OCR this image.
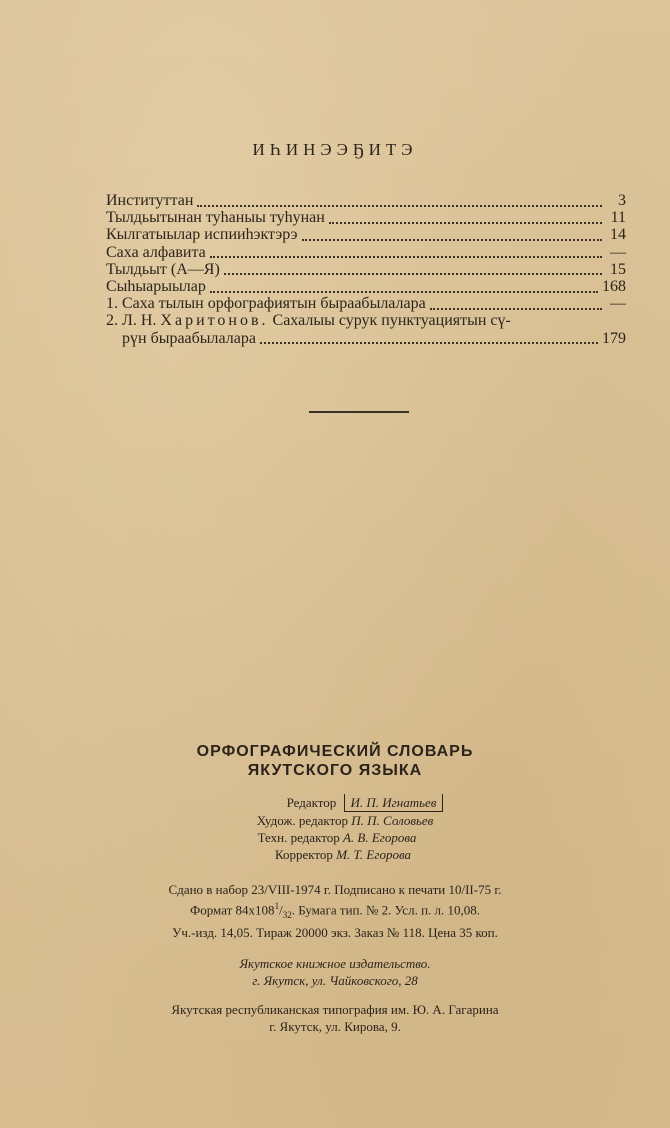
ИҺИНЭЭҔИТЭ
Институттан	3
Тылдьытынан туһаныы туһунан	11
Кылгатыылар испииһэктэрэ	14
Саха алфавита	—
Тылдьыт (А—Я)	15
Сыһыарыылар	168
1. Саха тылын орфографиятын быраабылалара	—
2. Л. Н. Харитонов. Сахалыы сурук пунктуациятын сү-
рүн быраабылалара	179
ОРФОГРАФИЧЕСКИЙ СЛОВАРЬ
ЯКУТСКОГО ЯЗЫКА
Редактор И. П. Игнатьев
Худож. редактор П. П. Соловьев
Техн. редактор А. В. Егорова
Корректор М. Т. Егорова
Сдано в набор 23/VIII-1974 г. Подписано к печати 10/II-75 г.
Формат $84x108^1/_{32}$. Бумага тип. № 2. Усл. п. л. 10,08.
Уч.-изд. 14,05. Тираж 20000 экз. Заказ № 118. Цена 35 коп.
Якутское книжное издательство.
г. Якутск, ул. Чайковского, 28
Якутская республиканская типография им. Ю. А. Гагарина
г. Якутск, ул. Кирова, 9.
